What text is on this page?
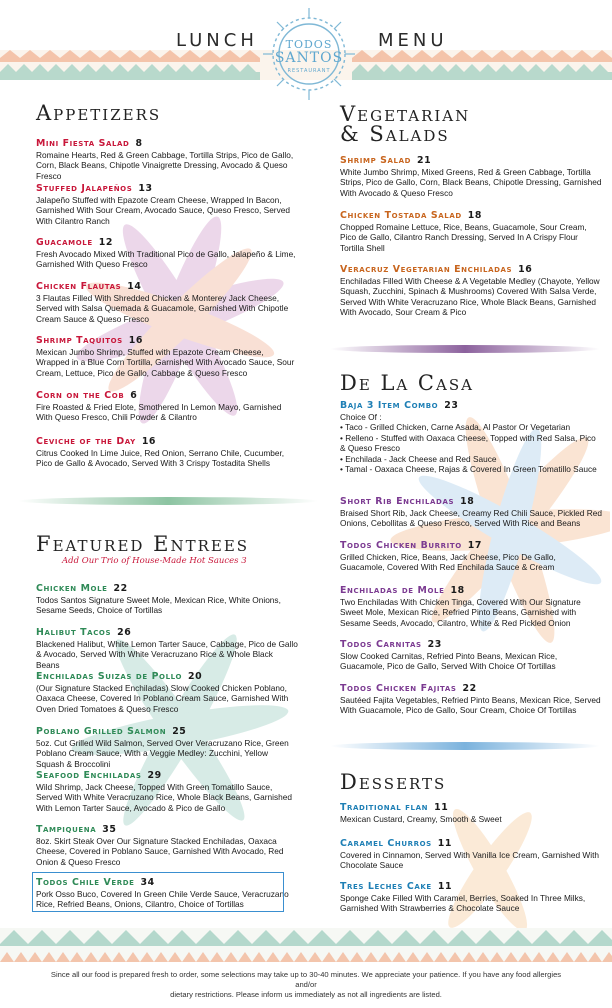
LUNCH	MENU
TODOS
SANTOS
RESTAURANT
Appetizers
Mini Fiesta Salad 8
Romaine Hearts, Red & Green Cabbage, Tortilla Strips, Pico de Gallo, Corn, Black Beans, Chipotle Vinaigrette Dressing, Avocado & Queso Fresco
Stuffed Jalapeños 13
Jalapeño Stuffed with Epazote Cream Cheese, Wrapped In Bacon, Garnished With Sour Cream, Avocado Sauce, Queso Fresco, Served With Cilantro Ranch
Guacamole 12
Fresh Avocado Mixed With Traditional Pico de Gallo, Jalapeño & Lime, Garnished With Queso Fresco
Chicken Flautas 14
3 Flautas Filled With Shredded Chicken & Monterey Jack Cheese, Served with Salsa Quemada & Guacamole, Garnished With Chipotle Cream Sauce & Queso Fresco
Shrimp Taquitos 16
Mexican Jumbo Shrimp, Stuffed with Epazote Cream Cheese, Wrapped in a Blue Corn Tortilla, Garnished With Avocado Sauce, Sour Cream, Lettuce, Pico de Gallo, Cabbage & Queso Fresco
Corn on the Cob 6
Fire Roasted & Fried Elote, Smothered In Lemon Mayo, Garnished With Queso Fresco, Chili Powder & Cilantro
Ceviche of the Day 16
Citrus Cooked In Lime Juice, Red Onion, Serrano Chile, Cucumber, Pico de Gallo & Avocado, Served With 3 Crispy Tostadita Shells
Featured Entrees
Add Our Trio of House-Made Hot Sauces 3
Chicken Mole 22
Todos Santos Signature Sweet Mole, Mexican Rice, White Onions, Sesame Seeds, Choice of Tortillas
Halibut Tacos 26
Blackened Halibut, White Lemon Tarter Sauce, Cabbage, Pico de Gallo & Avocado, Served With White Veracruzano Rice & Whole Black Beans
Enchiladas Suizas de Pollo 20
(Our Signature Stacked Enchiladas) Slow Cooked Chicken Poblano, Oaxaca Cheese, Covered In Poblano Cream Sauce, Garnished With Oven Dried Tomatoes & Queso Fresco
Poblano Grilled Salmon 25
5oz. Cut Grilled Wild Salmon, Served Over Veracruzano Rice, Green Poblano Cream Sauce, With a Veggie Medley: Zucchini, Yellow Squash & Broccolini
Seafood Enchiladas 29
Wild Shrimp, Jack Cheese, Topped With Green Tomatillo Sauce, Served With White Veracruzano Rice, Whole Black Beans, Garnished With Lemon Tarter Sauce, Avocado & Pico de Gallo
Tampiquena 35
8oz. Skirt Steak Over Our Signature Stacked Enchiladas, Oaxaca Cheese, Covered in Poblano Sauce, Garnished With Avocado, Red Onion & Queso Fresco
Todos Chile Verde 34
Pork Osso Buco, Covered In Green Chile Verde Sauce, Veracruzano Rice, Refried Beans, Onions, Cilantro, Choice of Tortillas
Vegetarian
& Salads
Shrimp Salad 21
White Jumbo Shrimp, Mixed Greens, Red & Green Cabbage, Tortilla Strips, Pico de Gallo, Corn, Black Beans, Chipotle Dressing, Garnished With Avocado & Queso Fresco
Chicken Tostada Salad 18
Chopped Romaine Lettuce, Rice, Beans, Guacamole, Sour Cream, Pico de Gallo, Cilantro Ranch Dressing, Served In A Crispy Flour Tortilla Shell
Veracruz Vegetarian Enchiladas 16
Enchiladas Filled With Cheese & A Vegetable Medley (Chayote, Yellow Squash, Zucchini, Spinach & Mushrooms) Covered With Salsa Verde, Served With White Veracruzano Rice, Whole Black Beans, Garnished With Avocado, Sour Cream & Pico
De La Casa
Baja 3 Item Combo 23
Choice Of :
• Taco - Grilled Chicken, Carne Asada, Al Pastor Or Vegetarian
• Relleno - Stuffed with Oaxaca Cheese, Topped with Red Salsa, Pico & Queso Fresco
• Enchilada - Jack Cheese and Red Sauce
• Tamal - Oaxaca Cheese, Rajas & Covered In Green Tomatillo Sauce
Short Rib Enchiladas 18
Braised Short Rib, Jack Cheese, Creamy Red Chili Sauce, Pickled Red Onions, Cebollitas & Queso Fresco, Served With Rice and Beans
Todos Chicken Burrito 17
Grilled Chicken, Rice, Beans, Jack Cheese, Pico De Gallo, Guacamole, Covered With Red Enchilada Sauce & Cream
Enchiladas de Mole 18
Two Enchiladas With Chicken Tinga, Covered With Our Signature Sweet Mole, Mexican Rice, Refried Pinto Beans, Garnished with Sesame Seeds, Avocado, Cilantro, White & Red Pickled Onion
Todos Carnitas 23
Slow Cooked Carnitas, Refried Pinto Beans, Mexican Rice, Guacamole, Pico de Gallo, Served With Choice Of Tortillas
Todos Chicken Fajitas 22
Sautéed Fajita Vegetables, Refried Pinto Beans, Mexican Rice, Served With Guacamole, Pico de Gallo, Sour Cream, Choice Of Tortillas
Desserts
Traditional flan 11
Mexican Custard, Creamy, Smooth & Sweet
Caramel Churros 11
Covered in Cinnamon, Served With Vanilla Ice Cream, Garnished With Chocolate Sauce
Tres Leches Cake 11
Sponge Cake Filled With Caramel, Berries, Soaked In Three Milks, Garnished With Strawberries & Chocolate Sauce
Since all our food is prepared fresh to order, some selections may take up to 30-40 minutes. We appreciate your patience. If you have any food allergies and/or
dietary restrictions. Please inform us immediately as not all ingredients are listed.
